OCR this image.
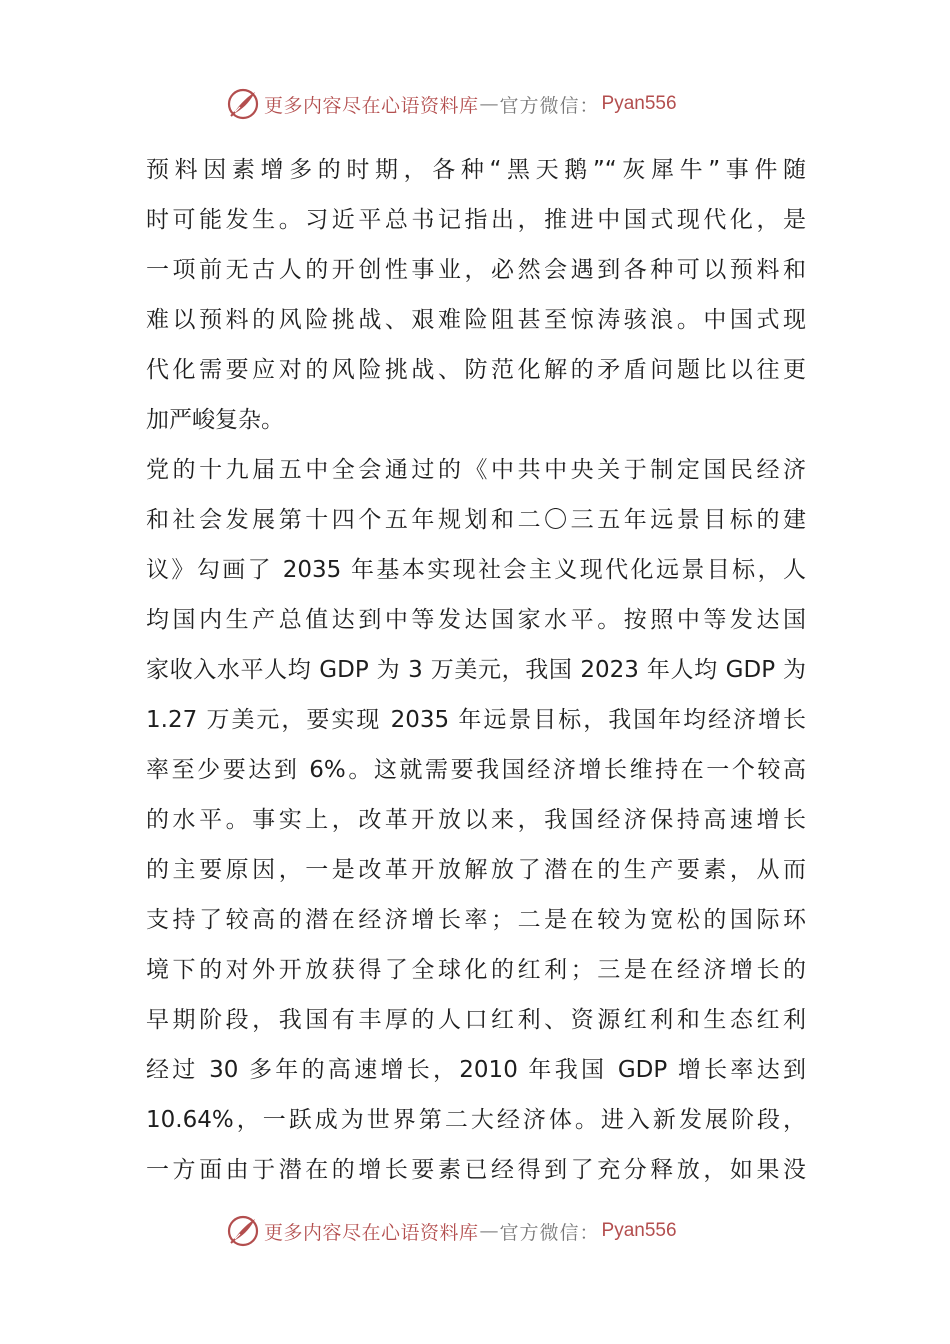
更多内容尽在心语资料库 — 官方微信： Pyan556
预料因素增多的时期，各种“黑天鹅”“灰犀牛”事件随
时可能发生。习近平总书记指出，推进中国式现代化，是
一项前无古人的开创性事业，必然会遇到各种可以预料和
难以预料的风险挑战、艰难险阻甚至惊涛骇浪。中国式现
代化需要应对的风险挑战、防范化解的矛盾问题比以往更
加严峻复杂。
党的十九届五中全会通过的《中共中央关于制定国民经济
和社会发展第十四个五年规划和二〇三五年远景目标的建
议》勾画了 2035 年基本实现社会主义现代化远景目标，人
均国内生产总值达到中等发达国家水平。按照中等发达国
家收入水平人均 GDP 为 3 万美元，我国 2023 年人均 GDP 为
1.27 万美元，要实现 2035 年远景目标，我国年均经济增长
率至少要达到 6%。这就需要我国经济增长维持在一个较高
的水平。事实上，改革开放以来，我国经济保持高速增长
的主要原因，一是改革开放解放了潜在的生产要素，从而
支持了较高的潜在经济增长率；二是在较为宽松的国际环
境下的对外开放获得了全球化的红利；三是在经济增长的
早期阶段，我国有丰厚的人口红利、资源红利和生态红利
经过 30 多年的高速增长，2010 年我国 GDP 增长率达到
10.64%，一跃成为世界第二大经济体。进入新发展阶段，
一方面由于潜在的增长要素已经得到了充分释放，如果没
更多内容尽在心语资料库 — 官方微信： Pyan556
